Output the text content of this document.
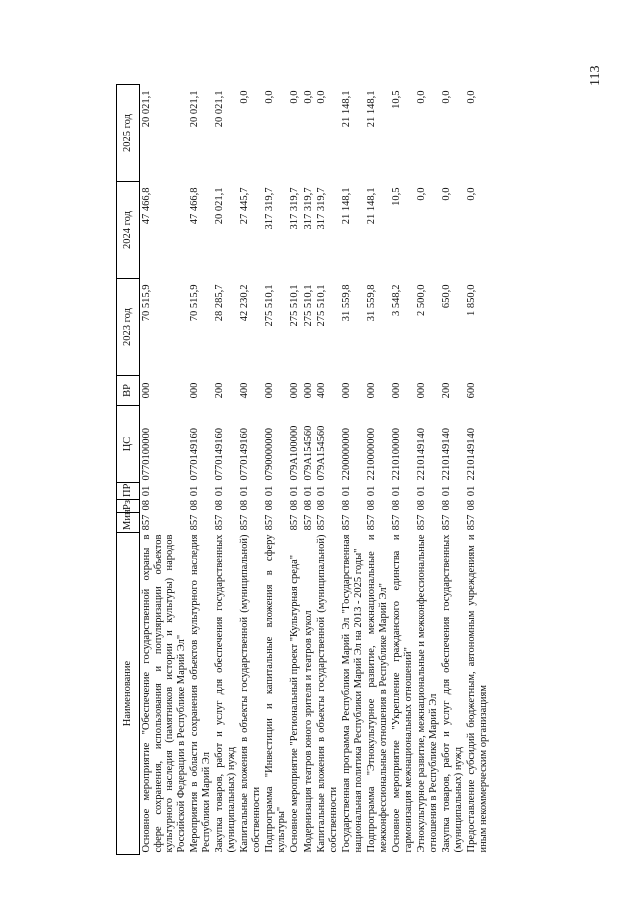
113
Наименование	Мин	Рз	ПР	ЦС	ВР	2023 год	2024 год	2025 год
Основное мероприятие "Обеспечение государственной охраны в сфере сохранения, использования и популяризации объектов культурного наследия (памятников истории и культуры) народов Российской Федерации в Республике Марий Эл"	857	08	01	0770100000	000	70 515,9	47 466,8	20 021,1
Мероприятия в области сохранения объектов культурного наследия Республики Марий Эл	857	08	01	0770149160	000	70 515,9	47 466,8	20 021,1
Закупка товаров, работ и услуг для обеспечения государственных (муниципальных) нужд	857	08	01	0770149160	200	28 285,7	20 021,1	20 021,1
Капитальные вложения в объекты государственной (муниципальной) собственности	857	08	01	0770149160	400	42 230,2	27 445,7	0,0
Подпрограмма "Инвестиции и капитальные вложения в сферу культуры"	857	08	01	0790000000	000	275 510,1	317 319,7	0,0
Основное мероприятие "Региональный проект "Культурная среда"	857	08	01	079A100000	000	275 510,1	317 319,7	0,0
Модернизация театров юного зрителя и театров кукол	857	08	01	079A154560	000	275 510,1	317 319,7	0,0
Капитальные вложения в объекты государственной (муниципальной) собственности	857	08	01	079A154560	400	275 510,1	317 319,7	0,0
Государственная программа Республики Марий Эл "Государственная национальная политика Республики Марий Эл на 2013 - 2025 годы"	857	08	01	2200000000	000	31 559,8	21 148,1	21 148,1
Подпрограмма "Этнокультурное развитие, межнациональные и межконфессиональные отношения в Республике Марий Эл"	857	08	01	2210000000	000	31 559,8	21 148,1	21 148,1
Основное мероприятие "Укрепление гражданского единства и гармонизация межнациональных отношений"	857	08	01	2210100000	000	3 548,2	10,5	10,5
Этнокультурное развитие, межнациональные и межконфессиональные отношения в Республике Марий Эл	857	08	01	2210149140	000	2 500,0	0,0	0,0
Закупка товаров, работ и услуг для обеспечения государственных (муниципальных) нужд	857	08	01	2210149140	200	650,0	0,0	0,0
Предоставление субсидий бюджетным, автономным учреждениям и иным некоммерческим организациям	857	08	01	2210149140	600	1 850,0	0,0	0,0
